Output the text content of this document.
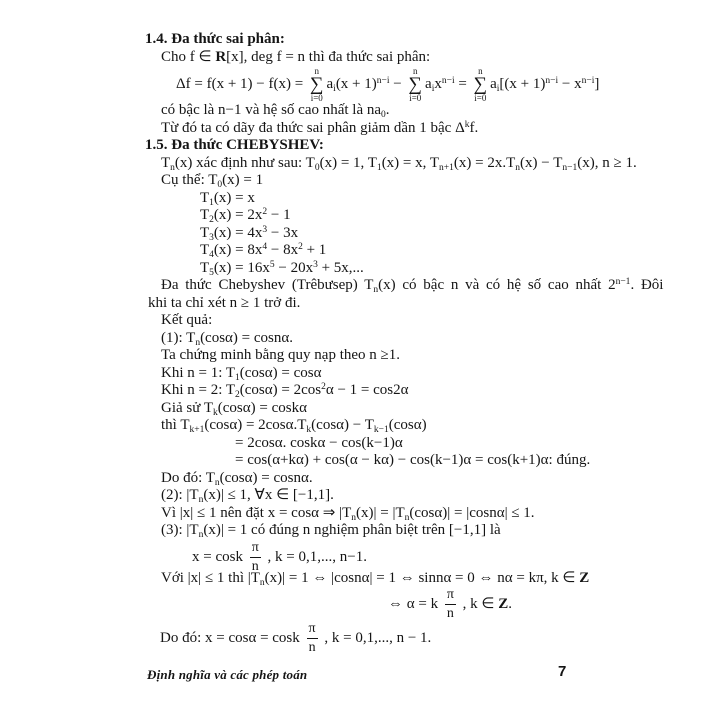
1.4. Đa thức sai phân:
Cho f ∈ R[x], deg f = n thì đa thức sai phân:
Δf = f(x + 1) − f(x) =
n
∑
i=0
$a_i(x + 1)^{n-i}$ −
n
∑
i=0
$a_ix^{n-i}$ =
n
∑
i=0
$a_i[(x + 1)^{n-i} - x^{n-i}]$
có bậc là n−1 và hệ số cao nhất là $na_0$.
Từ đó ta có dãy đa thức sai phân giảm dần 1 bậc $\Delta^kf$.
1.5. Đa thức CHEBYSHEV:
$T_n(x)$ xác định như sau: $T_0(x) = 1$, $T_1(x) = x$, $T_{n+1}(x) = 2x.T_n(x) - T_{n-1}(x)$, n ≥ 1.
Cụ thể: $T_0(x) = 1$
$T_1(x) = x$
$T_2(x) = 2x^2 - 1$
$T_3(x) = 4x^3 - 3x$
$T_4(x) = 8x^4 - 8x^2 + 1$
$T_5(x) = 16x^5 - 20x^3 + 5x$,...
Đa thức Chebyshev (Trêbưsep) $T_n(x)$ có bậc n và có hệ số cao nhất $2^{n-1}$. Đôi
khi ta chỉ xét n ≥ 1 trở đi.
Kết quả:
(1): $T_n(\cos\alpha) = \cos n\alpha$.
Ta chứng minh bằng quy nạp theo n ≥1.
Khi n = 1: $T_1(\cos\alpha) = \cos\alpha$
Khi n = 2: $T_2(\cos\alpha) = 2\cos^2\alpha - 1 = \cos 2\alpha$
Giả sử $T_k(\cos\alpha) = \cos k\alpha$
thì $T_{k+1}(\cos\alpha) = 2\cos\alpha.T_k(\cos\alpha) - T_{k-1}(\cos\alpha)$
= 2cosα. coskα − cos(k−1)α
= cos(α+kα) + cos(α − kα) − cos(k−1)α = cos(k+1)α: đúng.
Do đó: $T_n(\cos\alpha) = \cos n\alpha$.
(2): $|T_n(x)| \le 1$, ∀x ∈ [−1,1].
Vì |x| ≤ 1 nên đặt x = cosα ⇒ $|T_n(x)| = |T_n(\cos\alpha)| = |\cos n\alpha| \le 1$.
(3): $|T_n(x)| = 1$ có đúng n nghiệm phân biệt trên [−1,1] là
x = cosk $\frac{\pi}{n}$ , k = 0,1,..., n−1.
Với |x| ≤ 1 thì $|T_n(x)| = 1$ ⇔ |cosnα| = 1 ⇔ sinnα = 0 ⇔ nα = kπ, k ∈ Z
⇔ α = k $\frac{\pi}{n}$ , k ∈ Z.
Do đó: x = cosα = cosk $\frac{\pi}{n}$ , k = 0,1,..., n − 1.
Định nghĩa và các phép toán	7
